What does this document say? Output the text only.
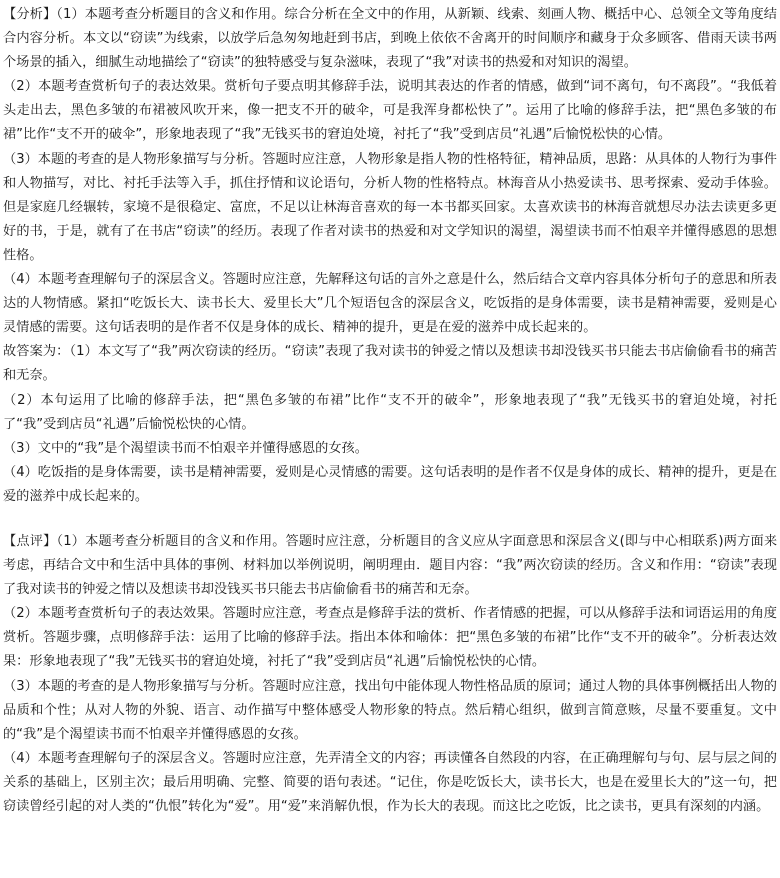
【分析】（1）本题考查分析题目的含义和作用。综合分析在全文中的作用，从新颖、线索、刻画人物、概括中心、总领全文等角度结合内容分析。本文以“窃读”为线索，以放学后急匆匆地赶到书店，到晚上依依不舍离开的时间顺序和藏身于众多顾客、借雨天读书两个场景的插入，细腻生动地描绘了“窃读”的独特感受与复杂滋味，表现了“我”对读书的热爱和对知识的渴望。

（2）本题考查赏析句子的表达效果。赏析句子要点明其修辞手法，说明其表达的作者的情感，做到“词不离句，句不离段”。“我低着头走出去，黑色多皱的布裙被风吹开来，像一把支不开的破伞，可是我浑身都松快了”。运用了比喻的修辞手法，把“黑色多皱的布裙”比作“支不开的破伞”，形象地表现了“我”无钱买书的窘迫处境，衬托了“我”受到店员“礼遇”后愉悦松快的心情。

（3）本题的考查的是人物形象描写与分析。答题时应注意，人物形象是指人物的性格特征，精神品质，思路：从具体的人物行为事件和人物描写，对比、衬托手法等入手，抓住抒情和议论语句，分析人物的性格特点。林海音从小热爱读书、思考探索、爱动手体验。但是家庭几经辗转，家境不是很稳定、富庶，不足以让林海音喜欢的每一本书都买回家。太喜欢读书的林海音就想尽办法去读更多更好的书，于是，就有了在书店“窃读”的经历。表现了作者对读书的热爱和对文学知识的渴望，渴望读书而不怕艰辛并懂得感恩的思想性格。

（4）本题考查理解句子的深层含义。答题时应注意，先解释这句话的言外之意是什么，然后结合文章内容具体分析句子的意思和所表达的人物情感。紧扣“吃饭长大、读书长大、爱里长大”几个短语包含的深层含义，吃饭指的是身体需要，读书是精神需要，爱则是心灵情感的需要。这句话表明的是作者不仅是身体的成长、精神的提升，更是在爱的滋养中成长起来的。

故答案为：（1）本文写了“我”两次窃读的经历。“窃读”表现了我对读书的钟爱之情以及想读书却没钱买书只能去书店偷偷看书的痛苦和无奈。

（2）本句运用了比喻的修辞手法，把“黑色多皱的布裙”比作“支不开的破伞”，形象地表现了“我”无钱买书的窘迫处境，衬托了“我”受到店员“礼遇”后愉悦松快的心情。

（3）文中的“我”是个渴望读书而不怕艰辛并懂得感恩的女孩。

（4）吃饭指的是身体需要，读书是精神需要，爱则是心灵情感的需要。这句话表明的是作者不仅是身体的成长、精神的提升，更是在爱的滋养中成长起来的。

【点评】（1）本题考查分析题目的含义和作用。答题时应注意，分析题目的含义应从字面意思和深层含义(即与中心相联系)两方面来考虑，再结合文中和生活中具体的事例、材料加以举例说明，阐明理由．题目内容：“我”两次窃读的经历。含义和作用：“窃读”表现了我对读书的钟爱之情以及想读书却没钱买书只能去书店偷偷看书的痛苦和无奈。

（2）本题考查赏析句子的表达效果。答题时应注意，考查点是修辞手法的赏析、作者情感的把握，可以从修辞手法和词语运用的角度赏析。答题步骤，点明修辞手法：运用了比喻的修辞手法。指出本体和喻体：把“黑色多皱的布裙”比作“支不开的破伞”。分析表达效果：形象地表现了“我”无钱买书的窘迫处境，衬托了“我”受到店员“礼遇”后愉悦松快的心情。

（3）本题的考查的是人物形象描写与分析。答题时应注意，找出句中能体现人物性格品质的原词；通过人物的具体事例概括出人物的品质和个性；从对人物的外貌、语言、动作描写中整体感受人物形象的特点。然后精心组织，做到言简意赅，尽量不要重复。文中的“我”是个渴望读书而不怕艰辛并懂得感恩的女孩。

（4）本题考查理解句子的深层含义。答题时应注意，先弄清全文的内容；再读懂各自然段的内容，在正确理解句与句、层与层之间的关系的基础上，区别主次；最后用明确、完整、简要的语句表述。“记住，你是吃饭长大，读书长大，也是在爱里长大的”这一句，把窃读曾经引起的对人类的“仇恨”转化为“爱”。用“爱”来消解仇恨，作为长大的表现。而这比之吃饭，比之读书，更具有深刻的内涵。
